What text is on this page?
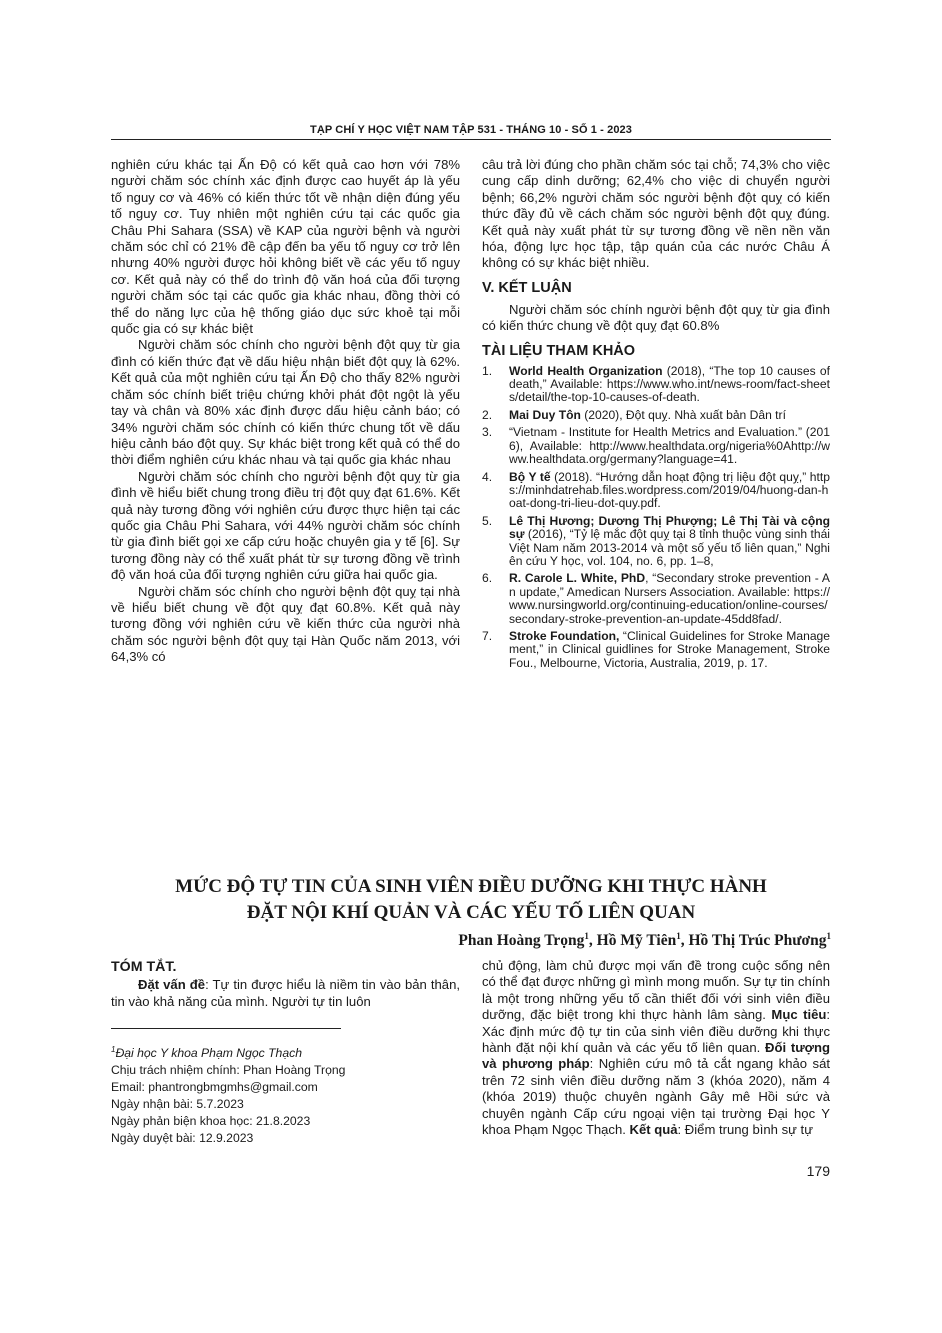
TẠP CHÍ Y HỌC VIỆT NAM TẬP 531 - THÁNG 10 - SỐ 1 - 2023

nghiên cứu khác tại Ấn Độ có kết quả cao hơn với 78% người chăm sóc chính xác định được cao huyết áp là yếu tố nguy cơ và 46% có kiến thức tốt về nhận diện đúng yếu tố nguy cơ. Tuy nhiên một nghiên cứu tại các quốc gia Châu Phi Sahara (SSA) về KAP của người bệnh và người chăm sóc chỉ có 21% đề cập đến ba yếu tố nguy cơ trở lên nhưng 40% người được hỏi không biết về các yếu tố nguy cơ. Kết quả này có thể do trình độ văn hoá của đối tượng người chăm sóc tại các quốc gia khác nhau, đồng thời có thể do năng lực của hệ thống giáo dục sức khoẻ tại mỗi quốc gia có sự khác biệt

Người chăm sóc chính cho người bệnh đột quỵ từ gia đình có kiến thức đạt về dấu hiệu nhận biết đột quỵ là 62%. Kết quả của một nghiên cứu tại Ấn Độ cho thấy 82% người chăm sóc chính biết triệu chứng khởi phát đột ngột là yếu tay và chân và 80% xác định được dấu hiệu cảnh báo; có 34% người chăm sóc chính có kiến thức chung tốt về dấu hiệu cảnh báo đột quỵ. Sự khác biệt trong kết quả có thể do thời điểm nghiên cứu khác nhau và tại quốc gia khác nhau

Người chăm sóc chính cho người bệnh đột quỵ từ gia đình về hiểu biết chung trong điều trị đột quỵ đạt 61.6%. Kết quả này tương đồng với nghiên cứu được thực hiện tại các quốc gia Châu Phi Sahara, với 44% người chăm sóc chính từ gia đình biết gọi xe cấp cứu hoặc chuyên gia y tế [6]. Sự tương đồng này có thể xuất phát từ sự tương đồng về trình độ văn hoá của đối tượng nghiên cứu giữa hai quốc gia.

Người chăm sóc chính cho người bệnh đột quỵ tại nhà về hiểu biết chung về đột quỵ đạt 60.8%. Kết quả này tương đồng với nghiên cứu về kiến thức của người nhà chăm sóc người bệnh đột quỵ tại Hàn Quốc năm 2013, với 64,3% có

câu trả lời đúng cho phần chăm sóc tại chỗ; 74,3% cho việc cung cấp dinh dưỡng; 62,4% cho việc di chuyển người bệnh; 66,2% người chăm sóc người bệnh đột quỵ có kiến thức đầy đủ về cách chăm sóc người bệnh đột quỵ đúng. Kết quả này xuất phát từ sự tương đồng về nền nền văn hóa, động lực học tập, tập quán của các nước Châu Á không có sự khác biệt nhiều.

V. KẾT LUẬN

Người chăm sóc chính người bệnh đột quỵ từ gia đình có kiến thức chung về đột quỵ đạt 60.8%

TÀI LIỆU THAM KHẢO
1. World Health Organization (2018), “The top 10 causes of death,” Available: https://www.who.int/news-room/fact-sheets/detail/the-top-10-causes-of-death.
2. Mai Duy Tôn (2020), Đột quỵ. Nhà xuất bản Dân trí
3. “Vietnam - Institute for Health Metrics and Evaluation.” (2016), Available: http://www.healthdata.org/nigeria%0Ahttp://www.healthdata.org/germany?language=41.
4. Bộ Y tế (2018). “Hướng dẫn hoạt động trị liệu đột quỵ,” https://minhdatrehab.files.wordpress.com/2019/04/huong-dan-hoat-dong-tri-lieu-dot-quy.pdf.
5. Lê Thị Hương; Dương Thị Phượng; Lê Thị Tài và cộng sự (2016), “Tỷ lệ mắc đột quỵ tại 8 tỉnh thuộc vùng sinh thái Việt Nam năm 2013-2014 và một số yếu tố liên quan,” Nghiên cứu Y học, vol. 104, no. 6, pp. 1–8,
6. R. Carole L. White, PhD, “Secondary stroke prevention - An update,” Amedican Nursers Association. Available: https://www.nursingworld.org/continuing-education/online-courses/secondary-stroke-prevention-an-update-45dd8fad/.
7. Stroke Foundation, “Clinical Guidelines for Stroke Management,” in Clinical guidlines for Stroke Management, Stroke Fou., Melbourne, Victoria, Australia, 2019, p. 17.
MỨC ĐỘ TỰ TIN CỦA SINH VIÊN ĐIỀU DƯỠNG KHI THỰC HÀNH
ĐẶT NỘI KHÍ QUẢN VÀ CÁC YẾU TỐ LIÊN QUAN
Phan Hoàng Trọng$^1$, Hồ Mỹ Tiên$^1$, Hồ Thị Trúc Phương$^1$
TÓM TẮT.

Đặt vấn đề: Tự tin được hiểu là niềm tin vào bản thân, tin vào khả năng của mình. Người tự tin luôn

chủ động, làm chủ được mọi vấn đề trong cuộc sống nên có thể đạt được những gì mình mong muốn. Sự tự tin chính là một trong những yếu tố cần thiết đối với sinh viên điều dưỡng, đặc biệt trong khi thực hành lâm sàng. Mục tiêu: Xác định mức độ tự tin của sinh viên điều dưỡng khi thực hành đặt nội khí quản và các yếu tố liên quan. Đối tượng và phương pháp: Nghiên cứu mô tả cắt ngang khảo sát trên 72 sinh viên điều dưỡng năm 3 (khóa 2020), năm 4 (khóa 2019) thuộc chuyên ngành Gây mê Hồi sức và chuyên ngành Cấp cứu ngoại viện tại trường Đại học Y khoa Phạm Ngọc Thạch. Kết quả: Điểm trung bình sự tự

$^1$Đại học Y khoa Phạm Ngọc Thạch

Chịu trách nhiệm chính: Phan Hoàng Trọng

Email: phantrongbmgmhs@gmail.com

Ngày nhận bài: 5.7.2023

Ngày phản biện khoa học: 21.8.2023

Ngày duyệt bài: 12.9.2023

179
